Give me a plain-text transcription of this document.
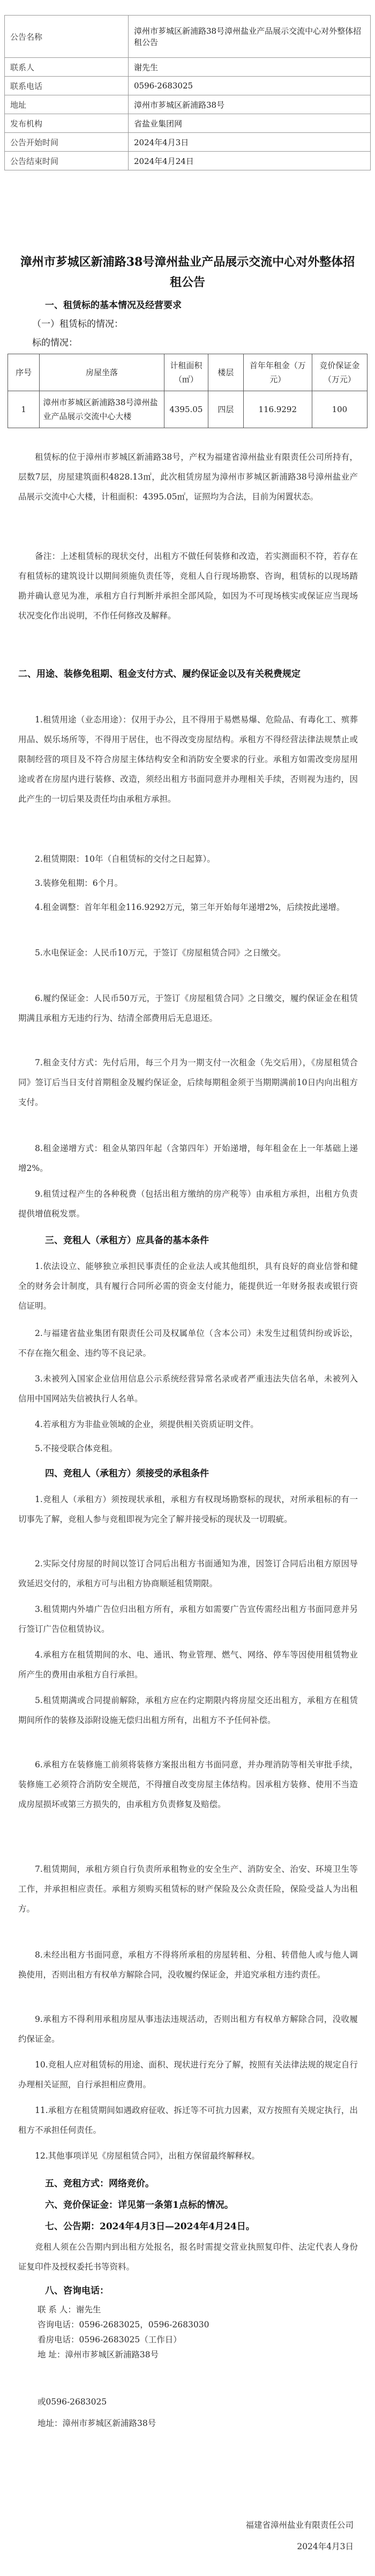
公告名称	漳州市芗城区新浦路38号漳州盐业产品展示交流中心对外整体招租公告
联系人	谢先生
联系电话	0596-2683025
地址	漳州市芗城区新浦路38号
发布机构	省盐业集团网
公告开始时间	2024年4月3日
公告结束时间	2024年4月24日
漳州市芗城区新浦路38号漳州盐业产品展示交流中心对外整体招租公告
一、租赁标的基本情况及经营要求
（一）租赁标的情况：
标的情况：
序号	房屋坐落	计租面积（㎡）	楼层	首年年租金（万元）	竞价保证金（万元）
1	漳州市芗城区新浦路38号漳州盐业产品展示交流中心大楼	4395.05	四层	116.9292	100
租赁标的位于漳州市芗城区新浦路38号，产权为福建省漳州盐业有限责任公司所持有，层数7层，房屋建筑面积4828.13㎡，此次租赁房屋为漳州市芗城区新浦路38号漳州盐业产品展示交流中心大楼，计租面积：4395.05㎡，证照均为合法，目前为闲置状态。
备注：上述租赁标的现状交付，出租方不做任何装修和改造，若实测面积不符，若存在有租赁标的建筑设计以期间须施负责任等，竞租人自行现场勘察、咨询，租赁标的以现场踏勘并确认意见为准，承租方自行判断并承担全部风险，如因为不可现场核实或保证应当现场状况变化作出说明，不作任何修改及解释。
二、用途、装修免租期、租金支付方式、履约保证金以及有关税费规定
1.租赁用途（业态用途）：仅用于办公，且不得用于易燃易爆、危险品、有毒化工、殡葬用品、娱乐场所等，不得用于居住，也不得改变房屋结构。承租方不得经营法律法规禁止或限制经营的项目及不符合房屋主体结构安全和消防安全要求的行业。承租方如需改变房屋用途或者在房屋内进行装修、改造，须经出租方书面同意并办理相关手续，否则视为违约，因此产生的一切后果及责任均由承租方承担。
2.租赁期限：10年（自租赁标的交付之日起算）。
3.装修免租期：6个月。
4.租金调整：首年年租金116.9292万元，第三年开始每年递增2%，后续按此递增。
5.水电保证金：人民币10万元，于签订《房屋租赁合同》之日缴交。
6.履约保证金：人民币50万元，于签订《房屋租赁合同》之日缴交，履约保证金在租赁期满且承租方无违约行为、结清全部费用后无息退还。
7.租金支付方式：先付后用，每三个月为一期支付一次租金（先交后用），《房屋租赁合同》签订后当日支付首期租金及履约保证金，后续每期租金须于当期期满前10日内向出租方支付。
8.租金递增方式：租金从第四年起（含第四年）开始递增，每年租金在上一年基础上递增2%。
9.租赁过程产生的各种税费（包括出租方缴纳的房产税等）由承租方承担，出租方负责提供增值税发票。
三、竞租人（承租方）应具备的基本条件
1.依法设立、能够独立承担民事责任的企业法人或其他组织，具有良好的商业信誉和健全的财务会计制度，具有履行合同所必需的资金支付能力，能提供近一年财务报表或银行资信证明。
2.与福建省盐业集团有限责任公司及权属单位（含本公司）未发生过租赁纠纷或诉讼，不存在拖欠租金、违约等不良记录。
3.未被列入国家企业信用信息公示系统经营异常名录或者严重违法失信名单，未被列入信用中国网站失信被执行人名单。
4.若承租方为非盐业领域的企业，须提供相关资质证明文件。
5.不接受联合体竞租。
四、竞租人（承租方）须接受的承租条件
1.竞租人（承租方）须按现状承租，承租方有权现场勘察标的现状，对所承租标的有一切事先了解，竞租人参与竞租即视为完全了解并接受标的现状及一切瑕疵。
2.实际交付房屋的时间以签订合同后出租方书面通知为准，因签订合同后出租方原因导致延迟交付的，承租方可与出租方协商顺延租赁期限。
3.租赁期内外墙广告位归出租方所有，承租方如需要广告宣传需经出租方书面同意并另行签订广告位租赁协议。
4.承租方在租赁期间的水、电、通讯、物业管理、燃气、网络、停车等因使用租赁物业所产生的费用由承租方自行承担。
5.租赁期满或合同提前解除，承租方应在约定期限内将房屋交还出租方，承租方在租赁期间所作的装修及添附设施无偿归出租方所有，出租方不予任何补偿。
6.承租方在装修施工前须将装修方案报出租方书面同意，并办理消防等相关审批手续，装修施工必须符合消防安全规范，不得擅自改变房屋主体结构。因承租方装修、使用不当造成房屋损坏或第三方损失的，由承租方负责修复及赔偿。
7.租赁期间，承租方须自行负责所承租物业的安全生产、消防安全、治安、环境卫生等工作，并承担相应责任。承租方须购买租赁标的财产保险及公众责任险，保险受益人为出租方。
8.未经出租方书面同意，承租方不得将所承租的房屋转租、分租、转借他人或与他人调换使用，否则出租方有权单方解除合同，没收履约保证金，并追究承租方违约责任。
9.承租方不得利用承租房屋从事违法违规活动，否则出租方有权单方解除合同，没收履约保证金。
10.竞租人应对租赁标的用途、面积、现状进行充分了解，按照有关法律法规的规定自行办理相关证照，自行承担相应费用。
11.承租方在租赁期间如遇政府征收、拆迁等不可抗力因素，双方按照有关规定执行，出租方不承担任何责任。
12.其他事项详见《房屋租赁合同》，出租方保留最终解释权。
五、竞租方式：网络竞价。
六、竞价保证金：详见第一条第1点标的情况。
七、公告期：2024年4月3日—2024年4月24日。
竞租人须在公告期内到出租方处报名，报名时需提交营业执照复印件、法定代表人身份证复印件及授权委托书等资料。
八、咨询电话：
联 系 人：谢先生
咨询电话：0596-2683025，0596-2683030
看房电话：0596-2683025（工作日）
地 址：漳州市芗城区新浦路38号
或0596-2683025
地址：漳州市芗城区新浦路38号
福建省漳州盐业有限责任公司
2024年4月3日
